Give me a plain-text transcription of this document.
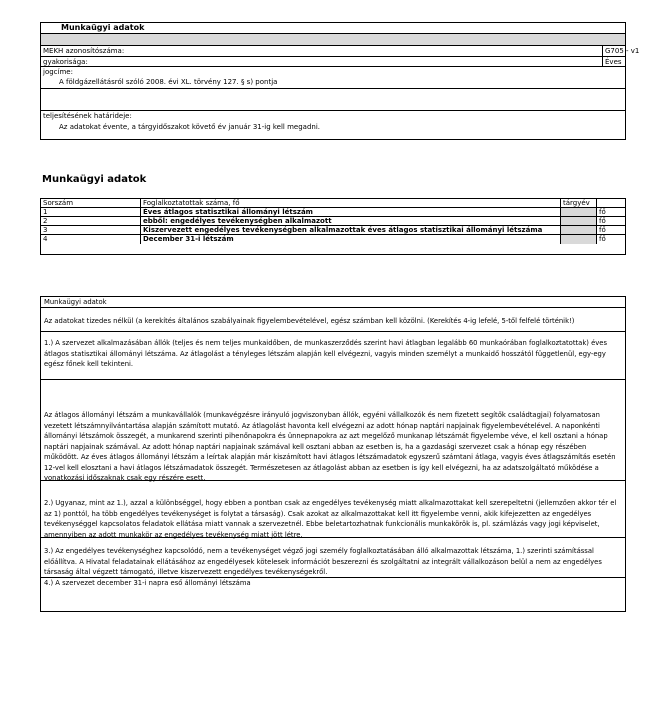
Munkaügyi adatok
MEKH azonosítószáma:	G705 - v1
gyakorisága:	Éves
jogcíme:
A földgázellátásról szóló 2008. évi XL. törvény 127. § s) pontja
teljesítésének határideje:
Az adatokat évente, a tárgyidőszakot követő év január 31-ig kell megadni.
Munkaügyi adatok
Sorszám	Foglalkoztatottak száma, fő	tárgyév
1	Éves átlagos statisztikai állományi létszám	fő
2	ebből: engedélyes tevékenységben alkalmazott	fő
3	Kiszervezett engedélyes tevékenységben alkalmazottak éves átlagos statisztikai állományi létszáma	fő
4	December 31-i létszám	fő
Munkaügyi adatok
Az adatokat tizedes nélkül (a kerekítés általános szabályainak figyelembevételével, egész számban kell közölni. (Kerekítés 4-ig lefelé, 5-től felfelé történik!)
1.) A szervezet alkalmazásában állók (teljes és nem teljes munkaidőben, de munkaszerződés szerint havi átlagban legalább 60 munkaórában foglalkoztatottak) éves átlagos statisztikai állományi létszáma. Az átlagolást a tényleges létszám alapján kell elvégezni, vagyis minden személyt a munkaidő hosszától függetlenül, egy-egy egész főnek kell tekinteni.
Az átlagos állományi létszám a munkavállalók (munkavégzésre irányuló jogviszonyban állók, egyéni vállalkozók és nem fizetett segítők családtagjai) folyamatosan vezetett létszámnyilvántartása alapján számított mutató. Az átlagolást havonta kell elvégezni az adott hónap naptári napjainak figyelembevételével. A naponkénti állományi létszámok összegét, a munkarend szerinti pihenőnapokra és ünnepnapokra az azt megelőző munkanap létszámát figyelembe véve, el kell osztani a hónap naptári napjainak számával. Az adott hónap naptári napjainak számával kell osztani abban az esetben is, ha a gazdasági szervezet csak a hónap egy részében működött. Az éves átlagos állományi létszám a leírtak alapján már kiszámított havi átlagos létszámadatok egyszerű számtani átlaga, vagyis éves átlagszámítás esetén 12-vel kell elosztani a havi átlagos létszámadatok összegét. Természetesen az átlagolást abban az esetben is így kell elvégezni, ha az adatszolgáltató működése a vonatkozási időszaknak csak egy részére esett.
2.) Ugyanaz, mint az 1.), azzal a különbséggel, hogy ebben a pontban csak az engedélyes tevékenység miatt alkalmazottakat kell szerepeltetni (jellemzően akkor tér el az 1) ponttól, ha több engedélyes tevékenységet is folytat a társaság). Csak azokat az alkalmazottakat kell itt figyelembe venni, akik kifejezetten az engedélyes tevékenységgel kapcsolatos feladatok ellátása miatt vannak a szervezetnél. Ebbe beletartozhatnak funkcionális munkakörök is, pl. számlázás vagy jogi képviselet, amennyiben az adott munkakör az engedélyes tevékenység miatt jött létre.
3.) Az engedélyes tevékenységhez kapcsolódó, nem a tevékenységet végző jogi személy foglalkoztatásában álló alkalmazottak létszáma, 1.) szerinti számítással előállítva. A Hivatal feladatainak ellátásához az engedélyesek kötelesek információt beszerezni és szolgáltatni az integrált vállalkozáson belül a nem az engedélyes társaság által végzett támogató, illetve kiszervezett engedélyes tevékenységekről.
4.) A szervezet december 31-i napra eső állományi létszáma
